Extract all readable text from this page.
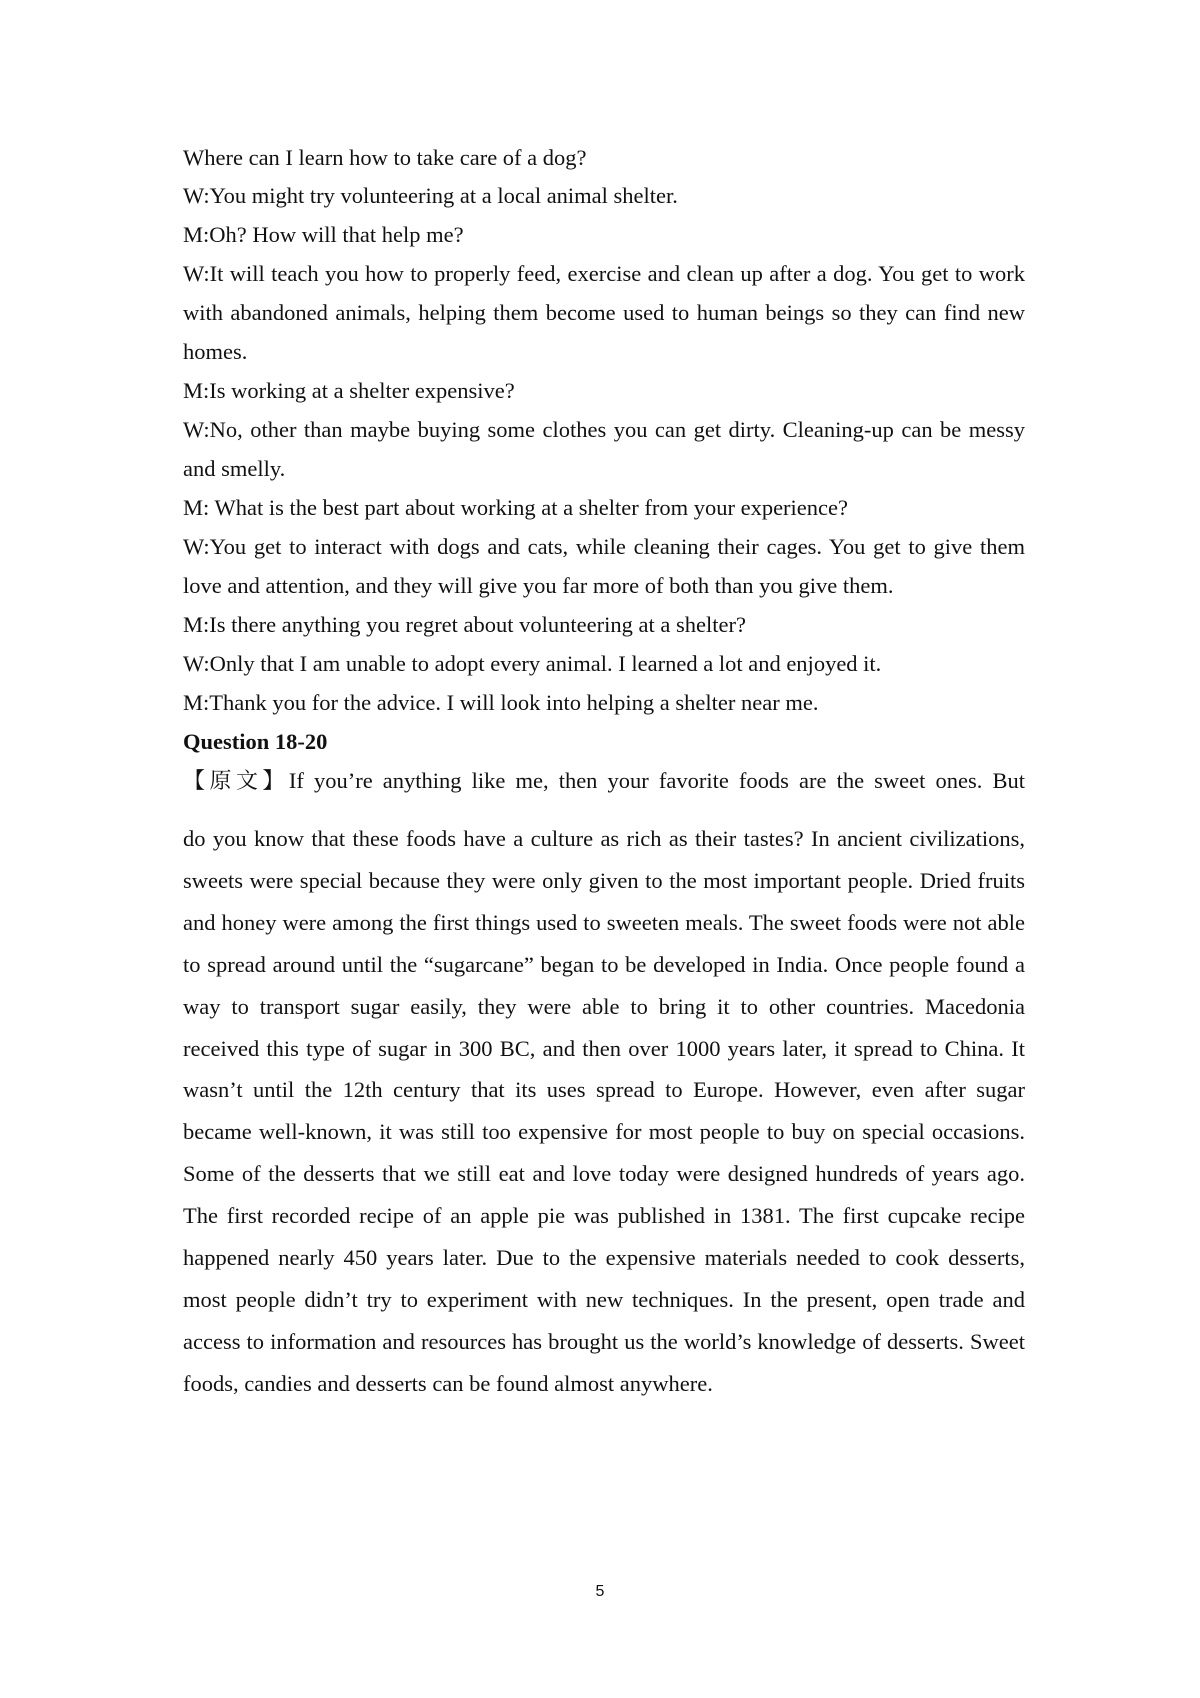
Where can I learn how to take care of a dog?

W:You might try volunteering at a local animal shelter.

M:Oh? How will that help me?

W:It will teach you how to properly feed, exercise and clean up after a dog. You get to work with abandoned animals, helping them become used to human beings so they can find new homes.

M:Is working at a shelter expensive?

W:No, other than maybe buying some clothes you can get dirty. Cleaning-up can be messy and smelly.

M: What is the best part about working at a shelter from your experience?

W:You get to interact with dogs and cats, while cleaning their cages. You get to give them love and attention, and they will give you far more of both than you give them.

M:Is there anything you regret about volunteering at a shelter?

W:Only that I am unable to adopt every animal. I learned a lot and enjoyed it.

M:Thank you for the advice. I will look into helping a shelter near me.

Question 18-20
【原文】If you’re anything like me, then your favorite foods are the sweet ones. But

do you know that these foods have a culture as rich as their tastes? In ancient civilizations, sweets were special because they were only given to the most important people. Dried fruits and honey were among the first things used to sweeten meals. The sweet foods were not able to spread around until the “sugarcane” began to be developed in India. Once people found a way to transport sugar easily, they were able to bring it to other countries. Macedonia received this type of sugar in 300 BC, and then over 1000 years later, it spread to China. It wasn’t until the 12th century that its uses spread to Europe. However, even after sugar became well-known, it was still too expensive for most people to buy on special occasions. Some of the desserts that we still eat and love today were designed hundreds of years ago. The first recorded recipe of an apple pie was published in 1381. The first cupcake recipe happened nearly 450 years later. Due to the expensive materials needed to cook desserts, most people didn’t try to experiment with new techniques. In the present, open trade and access to information and resources has brought us the world’s knowledge of desserts. Sweet foods, candies and desserts can be found almost anywhere.

5
